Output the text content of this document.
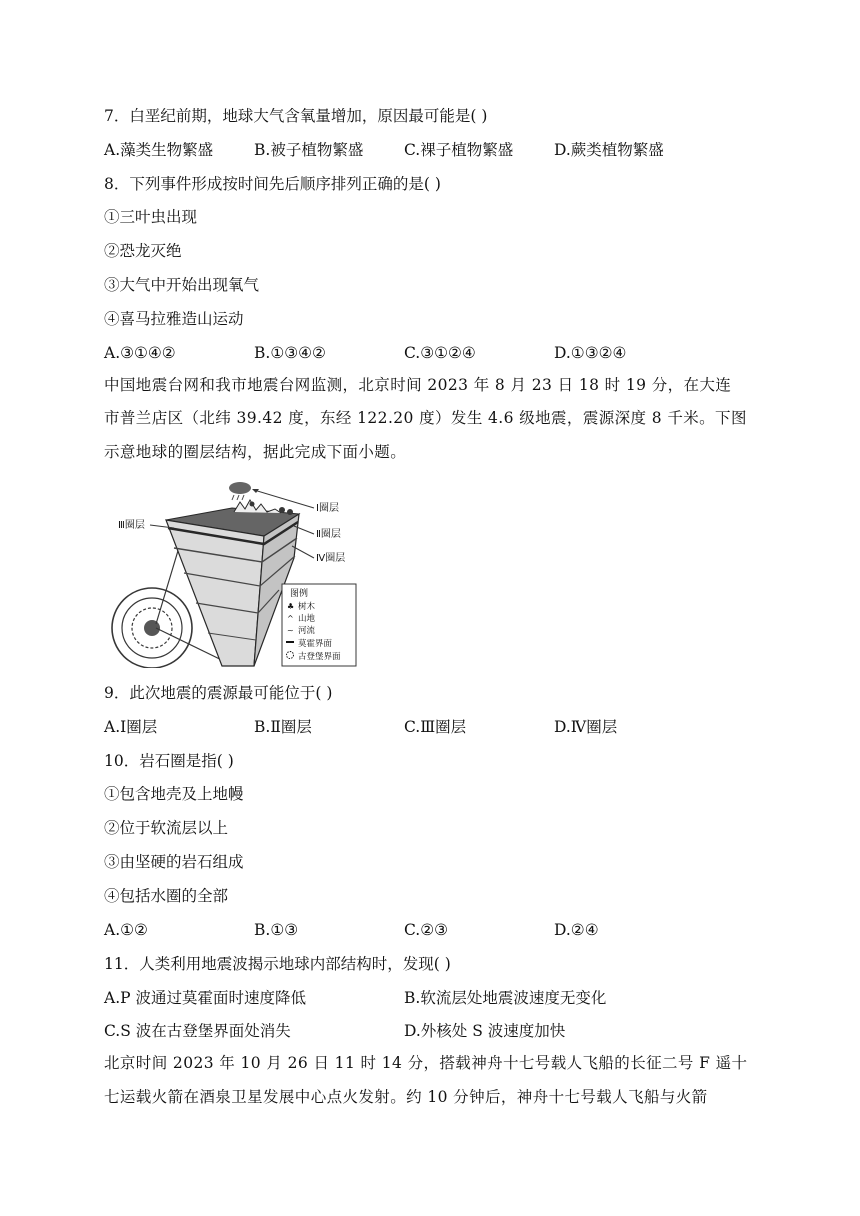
7．白垩纪前期，地球大气含氧量增加，原因最可能是( )
A.藻类生物繁盛	B.被子植物繁盛	C.裸子植物繁盛	D.蕨类植物繁盛
8．下列事件形成按时间先后顺序排列正确的是( )
①三叶虫出现
②恐龙灭绝
③大气中开始出现氧气
④喜马拉雅造山运动
A.③①④②	B.①③④②	C.③①②④	D.①③②④
中国地震台网和我市地震台网监测，北京时间 2023 年 8 月 23 日 18 时 19 分，在大连
市普兰店区（北纬 39.42 度，东经 122.20 度）发生 4.6 级地震，震源深度 8 千米。下图
示意地球的圈层结构，据此完成下面小题。
Ⅰ圈层
Ⅱ圈层
Ⅳ圈层
Ⅲ圈层
图例
♣ 树木
^ 山地
~ 河流
莫霍界面
古登堡界面
9．此次地震的震源最可能位于( )
A.Ⅰ圈层	B.Ⅱ圈层	C.Ⅲ圈层	D.Ⅳ圈层
10．岩石圈是指( )
①包含地壳及上地幔
②位于软流层以上
③由坚硬的岩石组成
④包括水圈的全部
A.①②	B.①③	C.②③	D.②④
11．人类利用地震波揭示地球内部结构时，发现( )
A.P 波通过莫霍面时速度降低	B.软流层处地震波速度无变化
C.S 波在古登堡界面处消失	D.外核处 S 波速度加快
北京时间 2023 年 10 月 26 日 11 时 14 分，搭载神舟十七号载人飞船的长征二号 F 遥十
七运载火箭在酒泉卫星发展中心点火发射。约 10 分钟后，神舟十七号载人飞船与火箭
